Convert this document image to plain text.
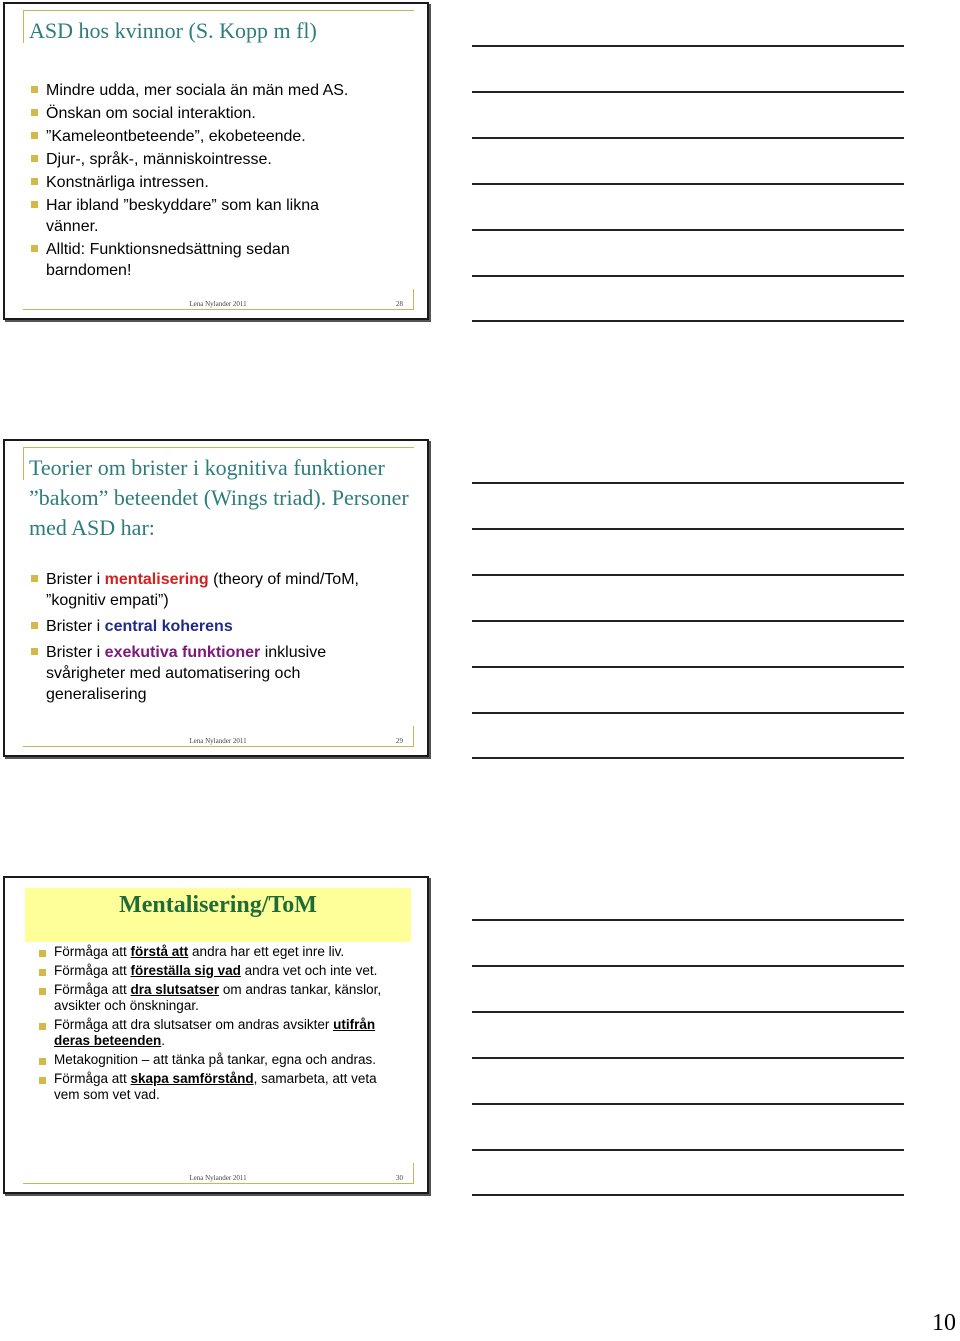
ASD hos kvinnor (S. Kopp m fl)
Mindre udda, mer sociala än män med AS.
Önskan om social interaktion.
”Kameleontbeteende”, ekobeteende.
Djur-, språk-, människointresse.
Konstnärliga intressen.
Har ibland ”beskyddare” som kan likna vänner.
Alltid: Funktionsnedsättning sedan barndomen!
Lena Nylander 2011	28
Teorier om brister i kognitiva funktioner ”bakom” beteendet (Wings triad). Personer med ASD har:
Brister i mentalisering (theory of mind/ToM, ”kognitiv empati”)
Brister i central koherens
Brister i exekutiva funktioner inklusive svårigheter med automatisering och generalisering
Lena Nylander 2011	29
Mentalisering/ToM
Förmåga att förstå att andra har ett eget inre liv.
Förmåga att föreställa sig vad andra vet och inte vet.
Förmåga att dra slutsatser om andras tankar, känslor, avsikter och önskningar.
Förmåga att dra slutsatser om andras avsikter utifrån deras beteenden.
Metakognition – att tänka på tankar, egna och andras.
Förmåga att skapa samförstånd, samarbeta, att veta vem som vet vad.
Lena Nylander 2011	30
10
